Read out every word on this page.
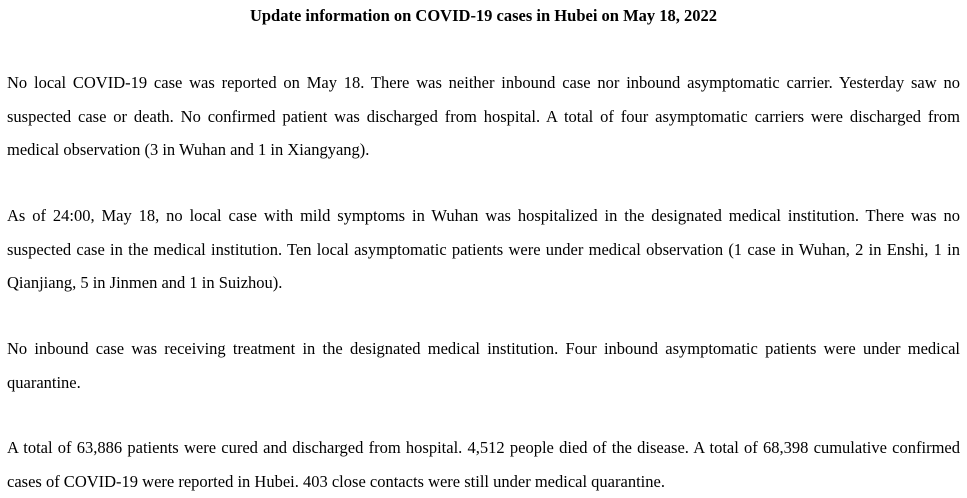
Update information on COVID-19 cases in Hubei on May 18, 2022

No local COVID-19 case was reported on May 18. There was neither inbound case nor inbound asymptomatic carrier. Yesterday saw no suspected case or death. No confirmed patient was discharged from hospital. A total of four asymptomatic carriers were discharged from medical observation (3 in Wuhan and 1 in Xiangyang).

As of 24:00, May 18, no local case with mild symptoms in Wuhan was hospitalized in the designated medical institution. There was no suspected case in the medical institution. Ten local asymptomatic patients were under medical observation (1 case in Wuhan, 2 in Enshi, 1 in Qianjiang, 5 in Jinmen and 1 in Suizhou).

No inbound case was receiving treatment in the designated medical institution. Four inbound asymptomatic patients were under medical quarantine.

A total of 63,886 patients were cured and discharged from hospital. 4,512 people died of the disease. A total of 68,398 cumulative confirmed cases of COVID-19 were reported in Hubei. 403 close contacts were still under medical quarantine.
